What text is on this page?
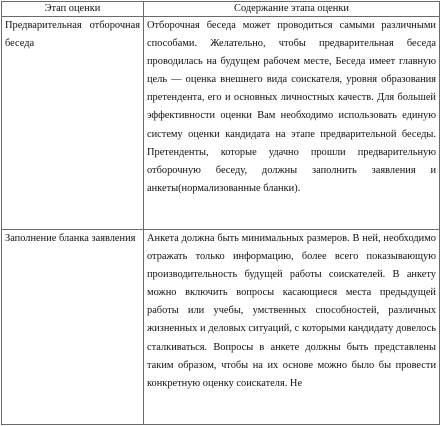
Этап оценки	Содержание этапа оценки

Предварительная отборочная беседа	Отборочная беседа может проводиться самыми различными способами. Желательно, чтобы предварительная беседа проводилась на будущем рабочем месте, Беседа имеет главную цель — оценка внешнего вида соискателя, уровня образования претендента, его и основных личностных качеств. Для большей эффективности оценки Вам необходимо использовать единую систему оценки кандидата на этапе предварительной беседы. Претенденты, которые удачно прошли предварительную отборочную беседу, должны заполнить заявления и анкеты(нормализованные бланки).

Заполнение бланка заявления	Анкета должна быть минимальных размеров. В ней, необходимо отражать только информацию, более всего показывающую производительность будущей работы соискателей. В анкету можно включить вопросы касающиеся места предыдущей работы или учебы, умственных способностей, различных жизненных и деловых ситуаций, с которыми кандидату довелось сталкиваться. Вопросы в анкете должны быть представлены таким образом, чтобы на их основе можно было бы провести конкретную оценку соискателя. Не
